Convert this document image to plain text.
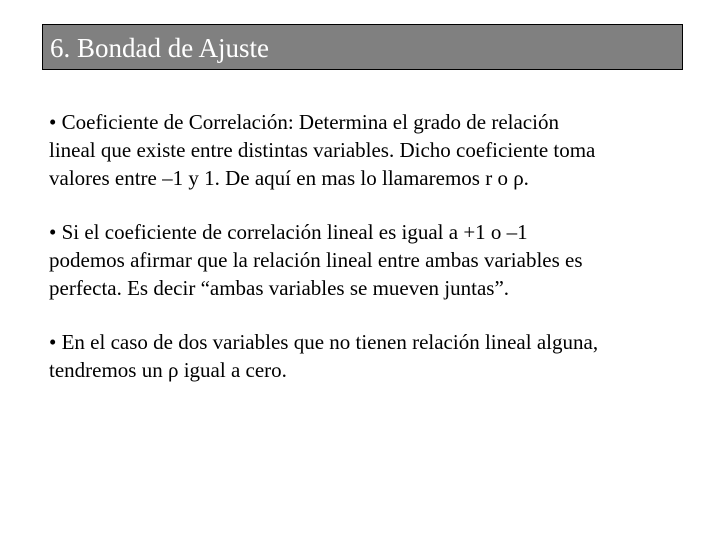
6. Bondad de Ajuste
• Coeficiente de Correlación: Determina el grado de relación
lineal que existe entre distintas variables. Dicho coeficiente toma
valores entre –1 y 1. De aquí en mas lo llamaremos r o ρ.
• Si el coeficiente de correlación lineal es igual a +1 o –1
podemos afirmar que la relación lineal entre ambas variables es
perfecta. Es decir “ambas variables se mueven juntas”.
• En el caso de dos variables que no tienen relación lineal alguna,
tendremos un ρ igual a cero.
